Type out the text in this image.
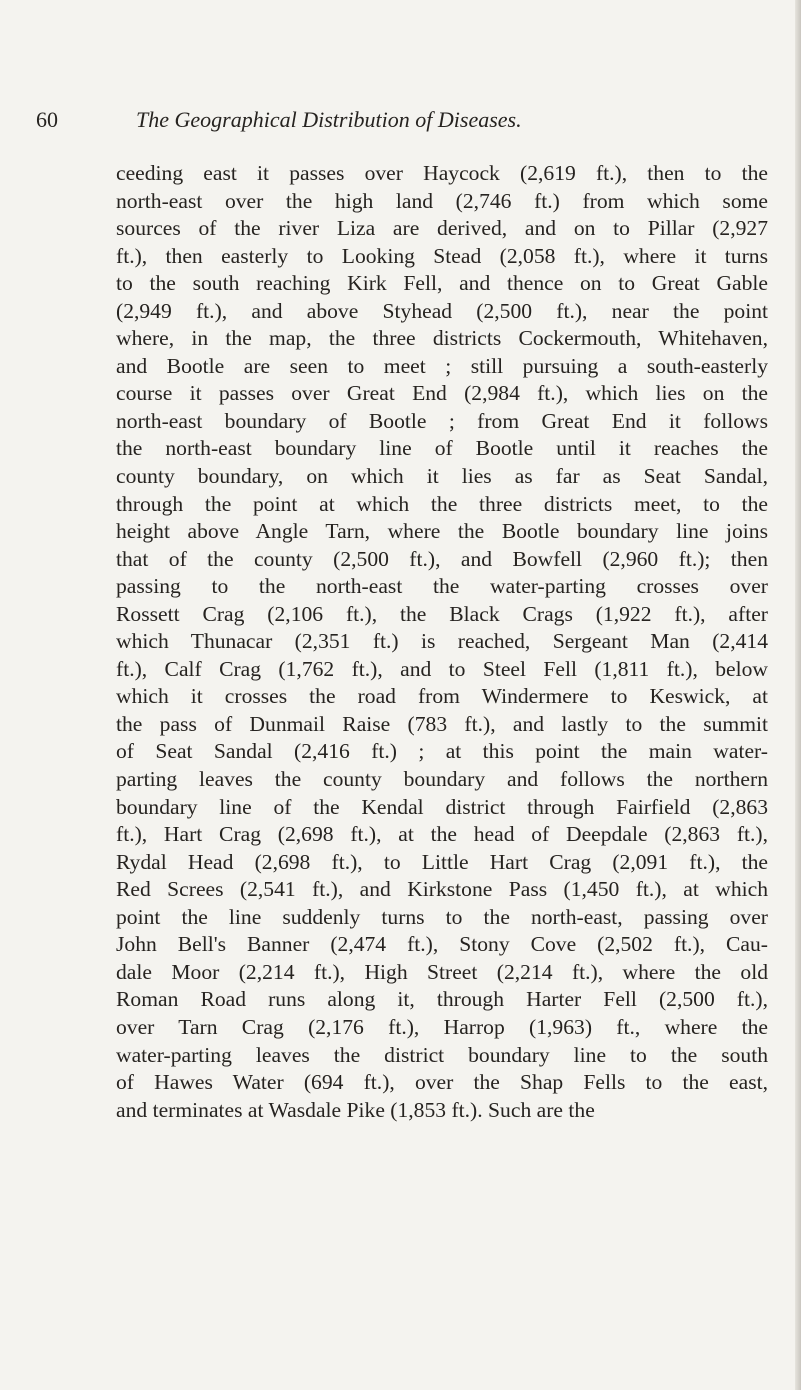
60	The Geographical Distribution of Diseases.
ceeding east it passes over Haycock (2,619 ft.), then to the
north-east over the high land (2,746 ft.) from which some
sources of the river Liza are derived, and on to Pillar (2,927
ft.), then easterly to Looking Stead (2,058 ft.), where it turns
to the south reaching Kirk Fell, and thence on to Great Gable
(2,949 ft.), and above Styhead (2,500 ft.), near the point
where, in the map, the three districts Cockermouth, Whitehaven,
and Bootle are seen to meet ; still pursuing a south-easterly
course it passes over Great End (2,984 ft.), which lies on the
north-east boundary of Bootle ; from Great End it follows
the north-east boundary line of Bootle until it reaches the
county boundary, on which it lies as far as Seat Sandal,
through the point at which the three districts meet, to the
height above Angle Tarn, where the Bootle boundary line joins
that of the county (2,500 ft.), and Bowfell (2,960 ft.); then
passing to the north-east the water-parting crosses over
Rossett Crag (2,106 ft.), the Black Crags (1,922 ft.), after
which Thunacar (2,351 ft.) is reached, Sergeant Man (2,414
ft.), Calf Crag (1,762 ft.), and to Steel Fell (1,811 ft.), below
which it crosses the road from Windermere to Keswick, at
the pass of Dunmail Raise (783 ft.), and lastly to the summit
of Seat Sandal (2,416 ft.) ; at this point the main water-
parting leaves the county boundary and follows the northern
boundary line of the Kendal district through Fairfield (2,863
ft.), Hart Crag (2,698 ft.), at the head of Deepdale (2,863 ft.),
Rydal Head (2,698 ft.), to Little Hart Crag (2,091 ft.), the
Red Screes (2,541 ft.), and Kirkstone Pass (1,450 ft.), at which
point the line suddenly turns to the north-east, passing over
John Bell's Banner (2,474 ft.), Stony Cove (2,502 ft.), Cau-
dale Moor (2,214 ft.), High Street (2,214 ft.), where the old
Roman Road runs along it, through Harter Fell (2,500 ft.),
over Tarn Crag (2,176 ft.), Harrop (1,963) ft., where the
water-parting leaves the district boundary line to the south
of Hawes Water (694 ft.), over the Shap Fells to the east,
and terminates at Wasdale Pike (1,853 ft.). Such are the
